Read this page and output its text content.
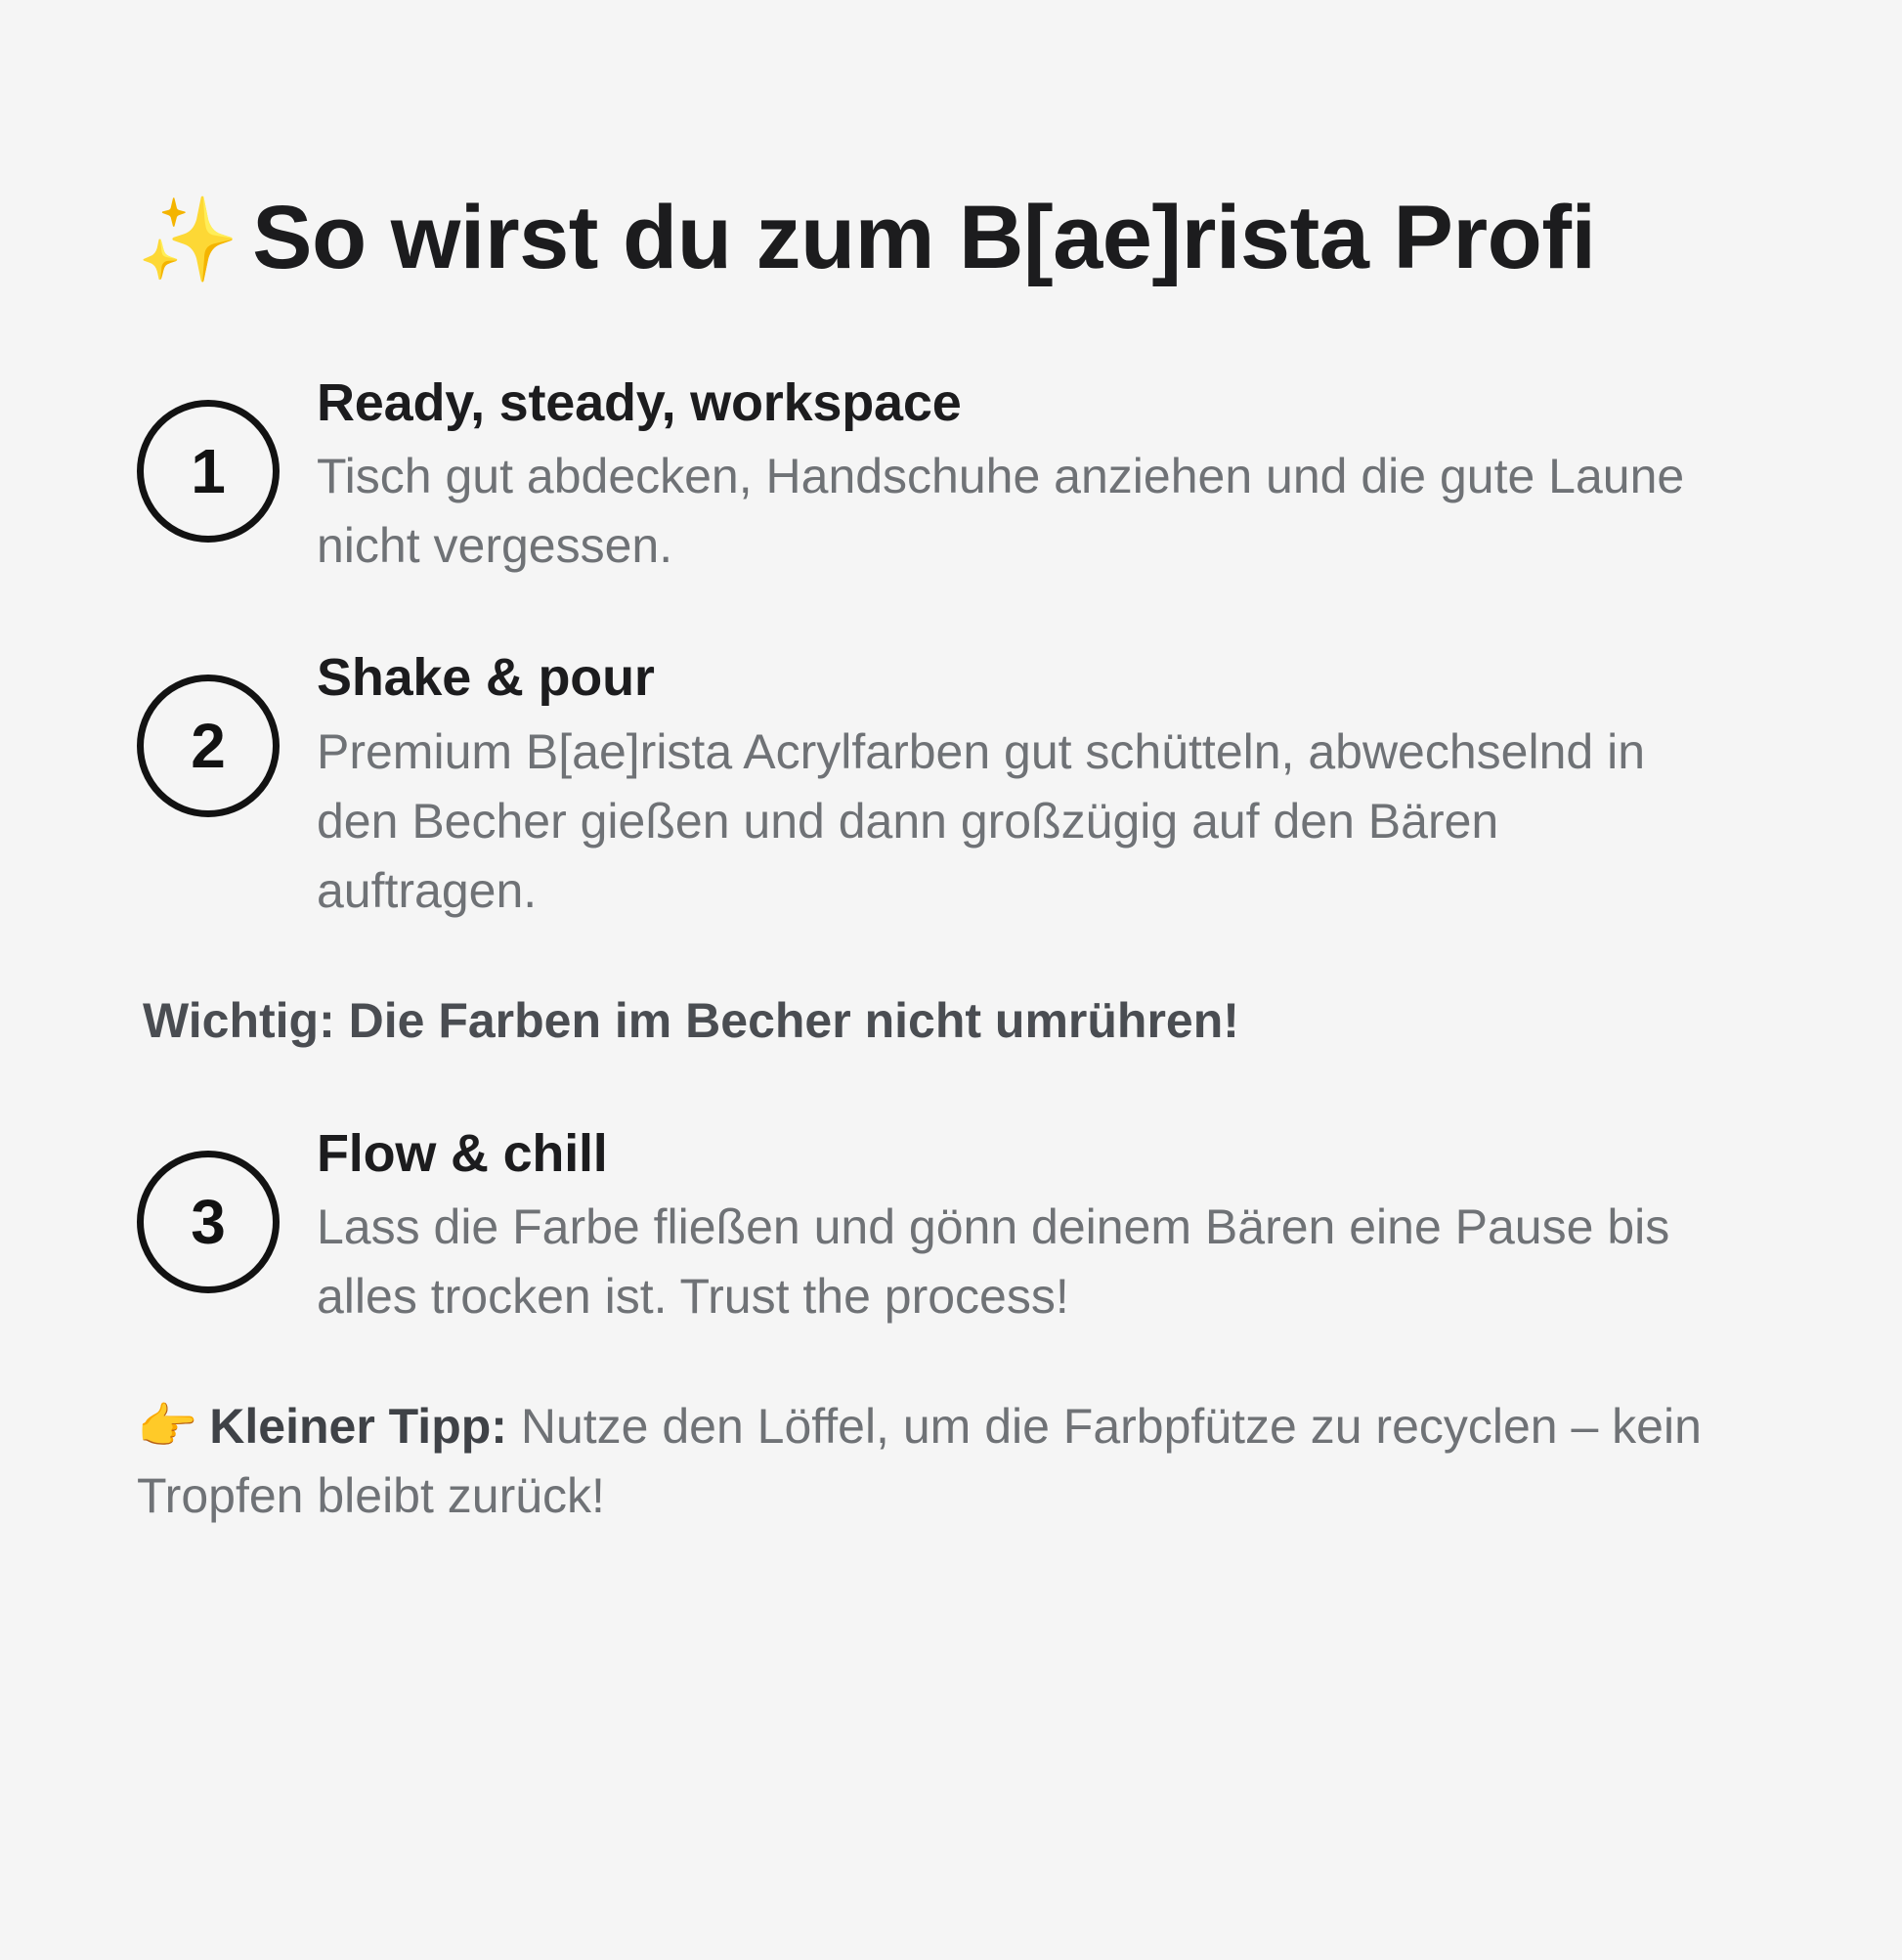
✨ So wirst du zum B[ae]rista Profi
1
Ready, steady, workspace

Tisch gut abdecken, Handschuhe anziehen und die gute Laune nicht vergessen.

2
Shake & pour

Premium B[ae]rista Acrylfarben gut schütteln, abwechselnd in den Becher gießen und dann großzügig auf den Bären auftragen.

Wichtig: Die Farben im Becher nicht umrühren!

3
Flow & chill

Lass die Farbe fließen und gönn deinem Bären eine Pause bis alles trocken ist. Trust the process!

👉 Kleiner Tipp: Nutze den Löffel, um die Farbpfütze zu recyclen – kein Tropfen bleibt zurück!
